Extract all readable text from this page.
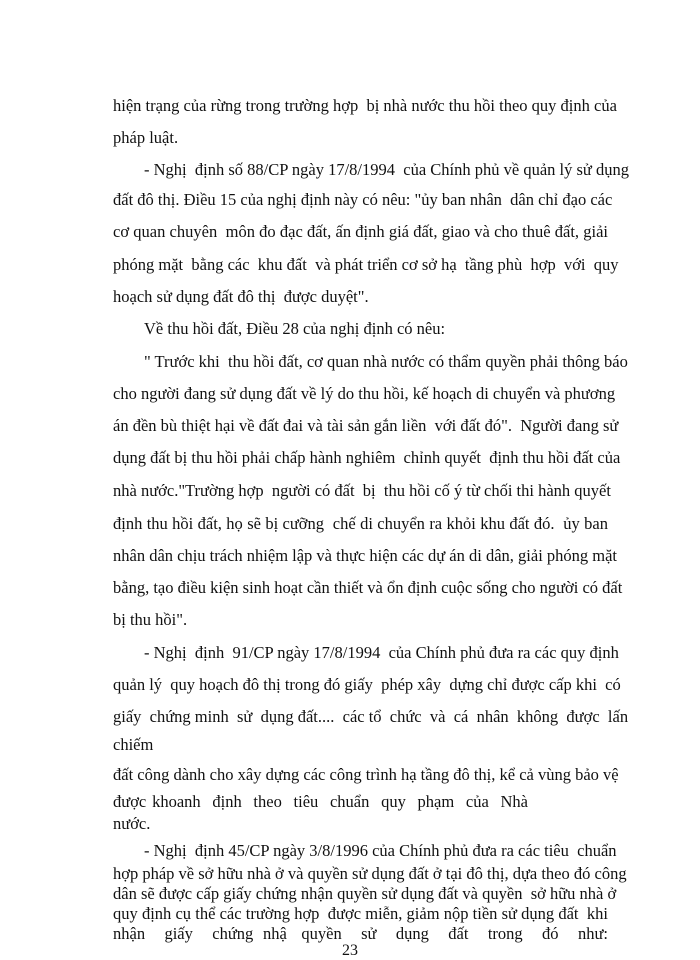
hiện trạng của rừng trong trường hợp  bị nhà nước thu hồi theo quy định của
pháp luật.
- Nghị  định số 88/CP ngày 17/8/1994  của Chính phủ về quản lý sử dụng
đất đô thị. Điều 15 của nghị định này có nêu: "ủy ban nhân  dân chỉ đạo các
cơ quan chuyên  môn đo đạc đất, ấn định giá đất, giao và cho thuê đất, giải
phóng mặt  bằng các  khu đất  và phát triển cơ sở hạ  tầng phù  hợp  với  quy
hoạch sử dụng đất đô thị  được duyệt".
Về thu hồi đất, Điều 28 của nghị định có nêu:
" Trước khi  thu hồi đất, cơ quan nhà nước có thẩm quyền phải thông báo
cho người đang sử dụng đất về lý do thu hồi, kế hoạch di chuyển và phương
án đền bù thiệt hại về đất đai và tài sản gắn liền  với đất đó".  Người đang sử
dụng đất bị thu hồi phải chấp hành nghiêm  chỉnh quyết  định thu hồi đất của
nhà nước."Trường hợp  người có đất  bị  thu hồi cố ý từ chối thi hành quyết
định thu hồi đất, họ sẽ bị cưỡng  chế di chuyển ra khỏi khu đất đó.  ủy ban
nhân dân chịu trách nhiệm lập và thực hiện các dự án di dân, giải phóng mặt
bằng, tạo điều kiện sinh hoạt cần thiết và ổn định cuộc sống cho người có đất
bị thu hồi".
- Nghị  định  91/CP ngày 17/8/1994  của Chính phủ đưa ra các quy định
quản lý  quy hoạch đô thị trong đó giấy  phép xây  dựng chỉ được cấp khi  có
giấy  chứng minh  sử  dụng đất....  các tổ  chức  và  cá  nhân  không  được  lấn
chiếm
đất công dành cho xây dựng các công trình hạ tầng đô thị, kể cả vùng bảo vệ
được khoanh  định  theo  tiêu  chuẩn  quy  phạm  của  Nhà
nước.
- Nghị  định 45/CP ngày 3/8/1996 của Chính phủ đưa ra các tiêu  chuẩn
hợp pháp về sở hữu nhà ở và quyền sử dụng đất ở tại đô thị, dựa theo đó công
dân sẽ được cấp giấy chứng nhận quyền sử dụng đất và quyền  sở hữu nhà ở
quy định cụ thể các trường hợp  được miễn, giảm nộp tiền sử dụng đất  khi
nhận    giấy    chứng  nhậ   quyền    sử    dụng    đất    trong    đó    như:
23
